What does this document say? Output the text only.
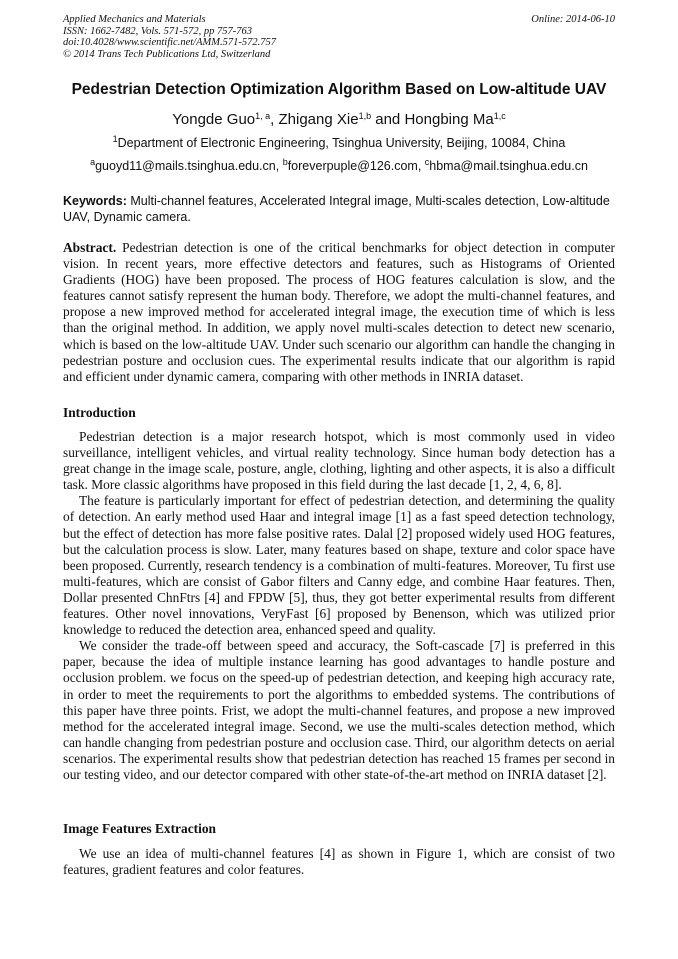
Applied Mechanics and Materials
ISSN: 1662-7482, Vols. 571-572, pp 757-763
doi:10.4028/www.scientific.net/AMM.571-572.757
© 2014 Trans Tech Publications Ltd, Switzerland
Online: 2014-06-10
Pedestrian Detection Optimization Algorithm Based on Low-altitude UAV
Yongde Guo$^{1, a}$, Zhigang Xie$^{1,b}$ and Hongbing Ma$^{1,c}$
$^1$Department of Electronic Engineering, Tsinghua University, Beijing, 10084, China
$^a$guoyd11@mails.tsinghua.edu.cn, $^b$foreverpuple@126.com, $^c$hbma@mail.tsinghua.edu.cn
Keywords: Multi-channel features, Accelerated Integral image, Multi-scales detection, Low-altitude UAV, Dynamic camera.

Abstract. Pedestrian detection is one of the critical benchmarks for object detection in computer vision. In recent years, more effective detectors and features, such as Histograms of Oriented Gradients (HOG) have been proposed. The process of HOG features calculation is slow, and the features cannot satisfy represent the human body. Therefore, we adopt the multi-channel features, and propose a new improved method for accelerated integral image, the execution time of which is less than the original method. In addition, we apply novel multi-scales detection to detect new scenario, which is based on the low-altitude UAV. Under such scenario our algorithm can handle the changing in pedestrian posture and occlusion cues. The experimental results indicate that our algorithm is rapid and efficient under dynamic camera, comparing with other methods in INRIA dataset.

Introduction

Pedestrian detection is a major research hotspot, which is most commonly used in video surveillance, intelligent vehicles, and virtual reality technology. Since human body detection has a great change in the image scale, posture, angle, clothing, lighting and other aspects, it is also a difficult task. More classic algorithms have proposed in this field during the last decade [1, 2, 4, 6, 8].

The feature is particularly important for effect of pedestrian detection, and determining the quality of detection. An early method used Haar and integral image [1] as a fast speed detection technology, but the effect of detection has more false positive rates. Dalal [2] proposed widely used HOG features, but the calculation process is slow. Later, many features based on shape, texture and color space have been proposed. Currently, research tendency is a combination of multi-features. Moreover, Tu first use multi-features, which are consist of Gabor filters and Canny edge, and combine Haar features. Then, Dollar presented ChnFtrs [4] and FPDW [5], thus, they got better experimental results from different features. Other novel innovations, VeryFast [6] proposed by Benenson, which was utilized prior knowledge to reduced the detection area, enhanced speed and quality.

We consider the trade-off between speed and accuracy, the Soft-cascade [7] is preferred in this paper, because the idea of multiple instance learning has good advantages to handle posture and occlusion problem. we focus on the speed-up of pedestrian detection, and keeping high accuracy rate, in order to meet the requirements to port the algorithms to embedded systems. The contributions of this paper have three points. Frist, we adopt the multi-channel features, and propose a new improved method for the accelerated integral image. Second, we use the multi-scales detection method, which can handle changing from pedestrian posture and occlusion case. Third, our algorithm detects on aerial scenarios. The experimental results show that pedestrian detection has reached 15 frames per second in our testing video, and our detector compared with other state-of-the-art method on INRIA dataset [2].

Image Features Extraction

We use an idea of multi-channel features [4] as shown in Figure 1, which are consist of two features, gradient features and color features.
